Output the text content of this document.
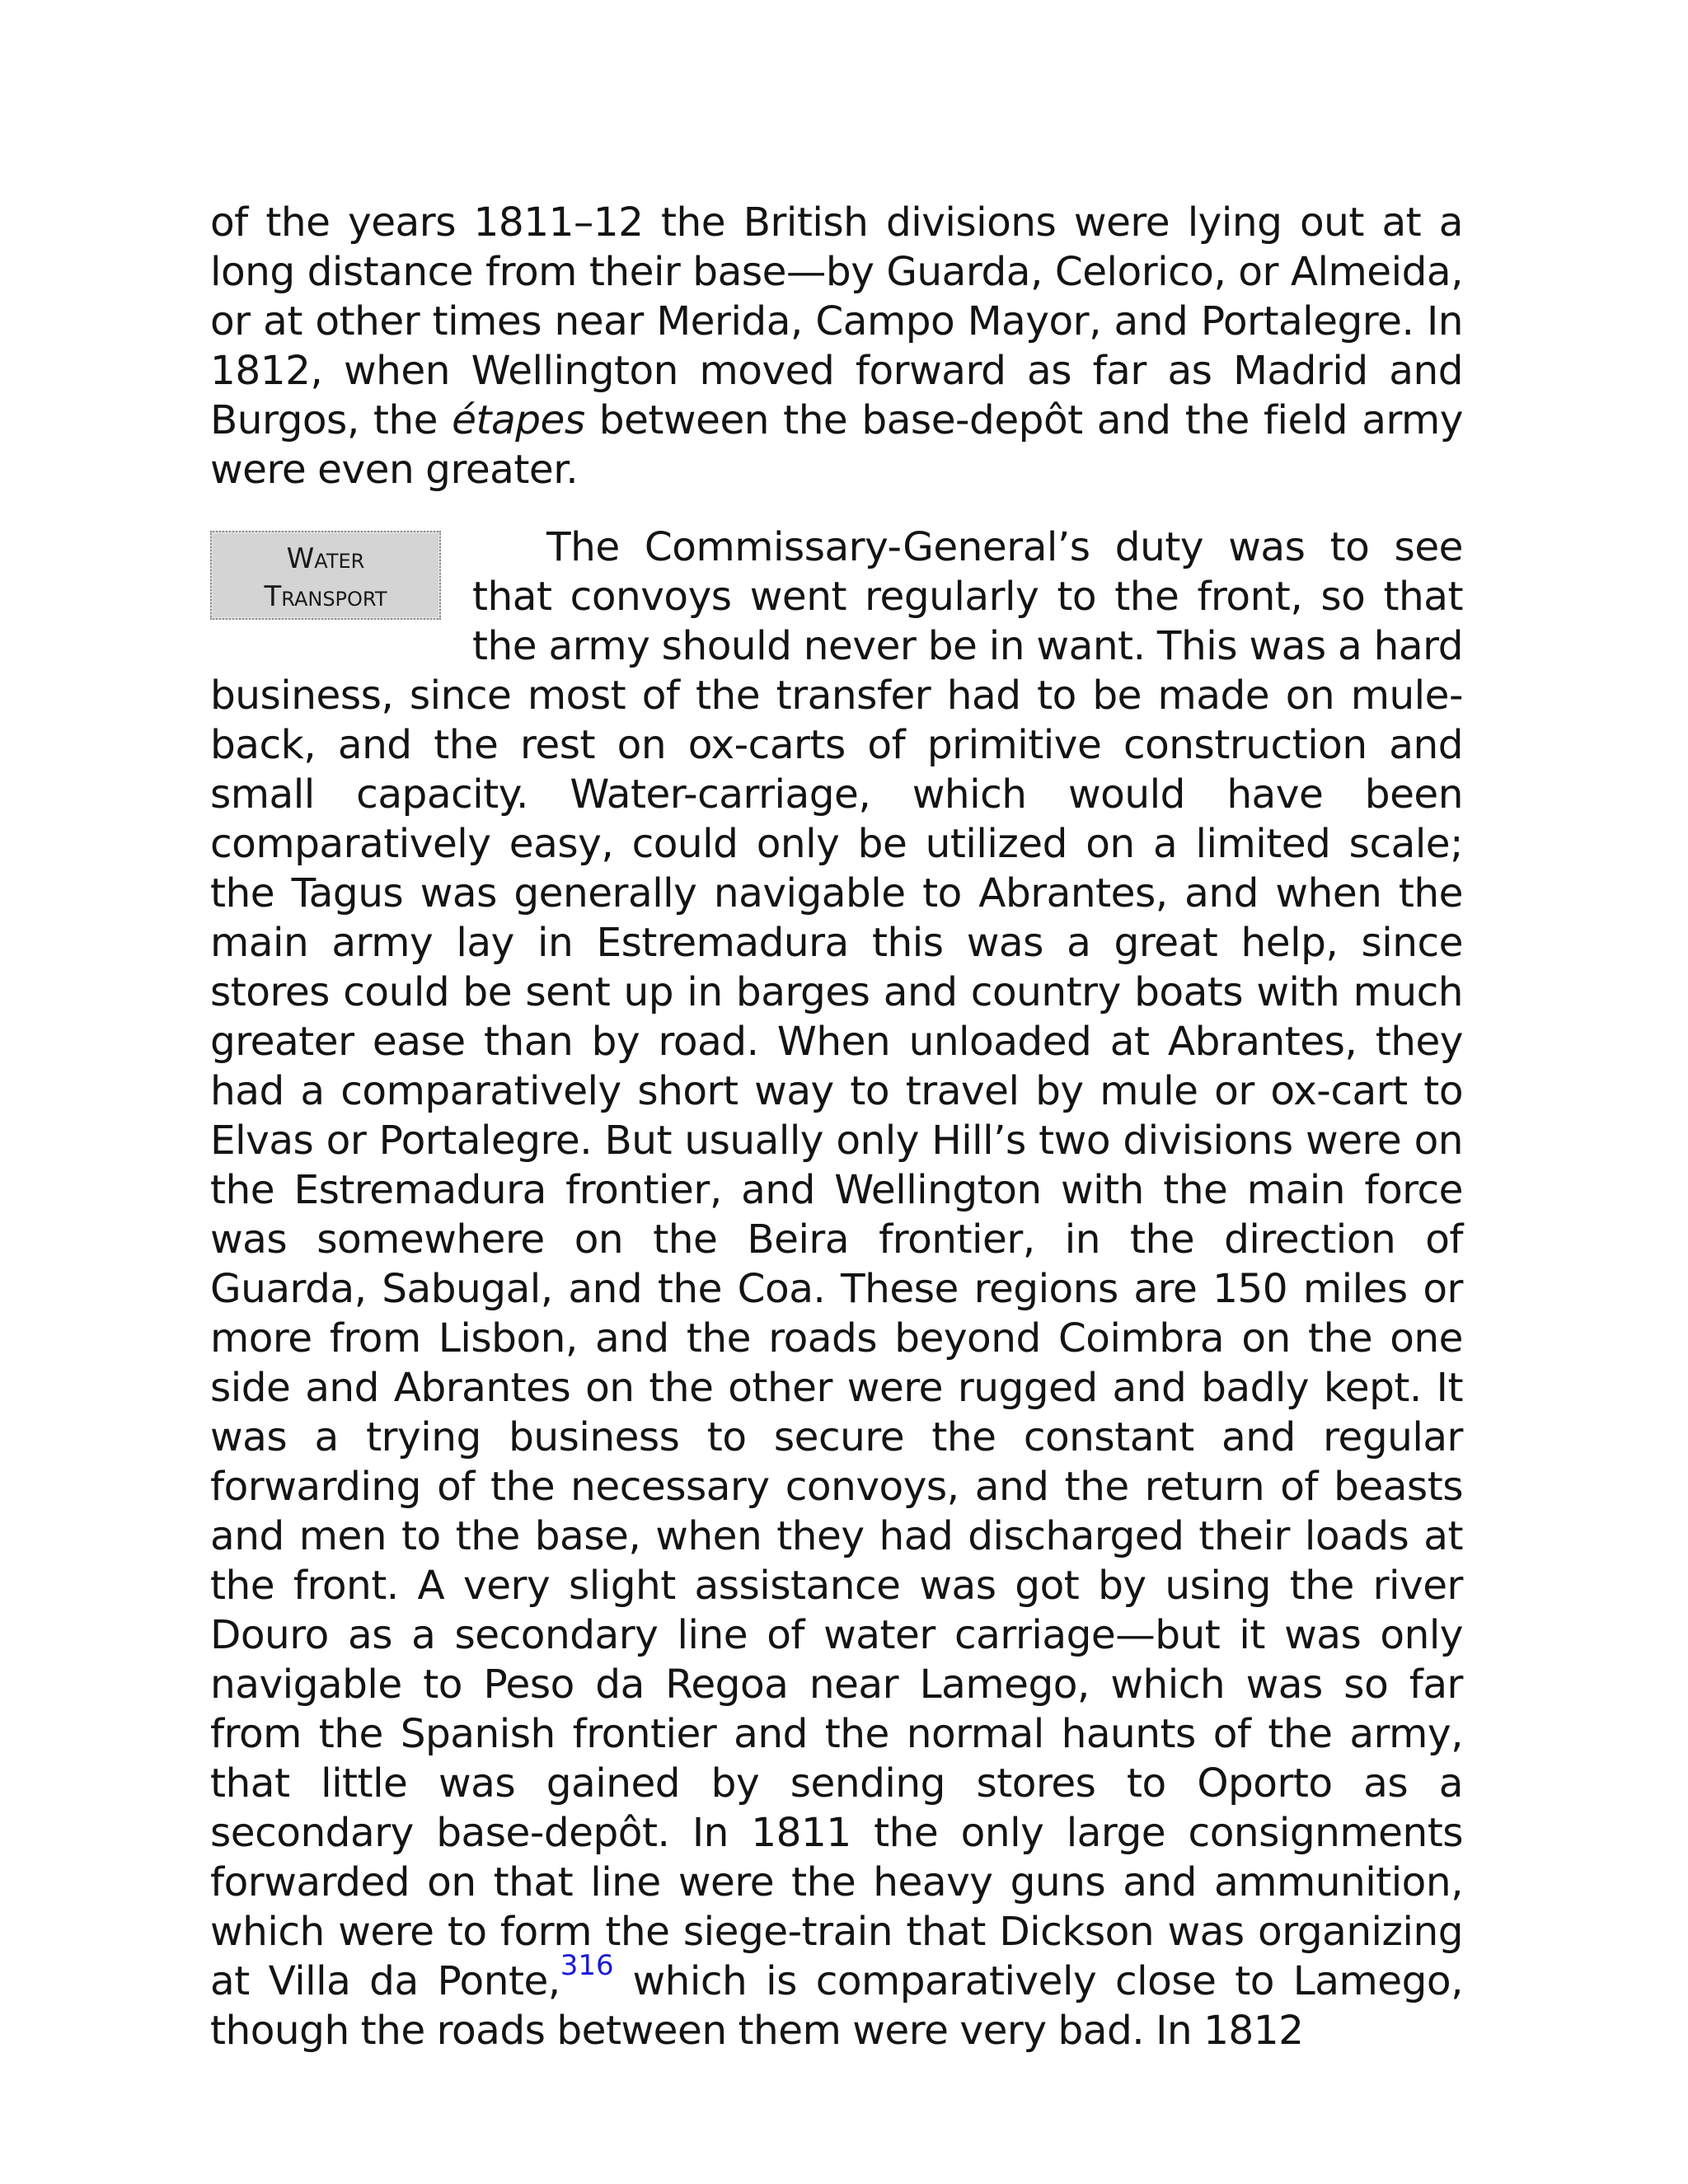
of the years 1811–12 the British divisions were lying out at a long distance from their base—by Guarda, Celorico, or Almeida, or at other times near Merida, Campo Mayor, and Portalegre. In 1812, when Wellington moved forward as far as Madrid and Burgos, the étapes between the base-depôt and the field army were even greater.

Water
Transport

The Commissary-General’s duty was to see that convoys went regularly to the front, so that the army should never be in want. This was a hard business, since most of the transfer had to be made on mule-back, and the rest on ox-carts of primitive construction and small capacity. Water-carriage, which would have been comparatively easy, could only be utilized on a limited scale; the Tagus was generally navigable to Abrantes, and when the main army lay in Estremadura this was a great help, since stores could be sent up in barges and country boats with much greater ease than by road. When unloaded at Abrantes, they had a comparatively short way to travel by mule or ox-cart to Elvas or Portalegre. But usually only Hill’s two divisions were on the Estremadura frontier, and Wellington with the main force was somewhere on the Beira frontier, in the direction of Guarda, Sabugal, and the Coa. These regions are 150 miles or more from Lisbon, and the roads beyond Coimbra on the one side and Abrantes on the other were rugged and badly kept. It was a trying business to secure the constant and regular forwarding of the necessary convoys, and the return of beasts and men to the base, when they had discharged their loads at the front. A very slight assistance was got by using the river Douro as a secondary line of water carriage—but it was only navigable to Peso da Regoa near Lamego, which was so far from the Spanish frontier and the normal haunts of the army, that little was gained by sending stores to Oporto as a secondary base-depôt. In 1811 the only large consignments forwarded on that line were the heavy guns and ammunition, which were to form the siege-train that Dickson was organizing at Villa da Ponte,$^{316}$ which is comparatively close to Lamego, though the roads between them were very bad. In 1812
